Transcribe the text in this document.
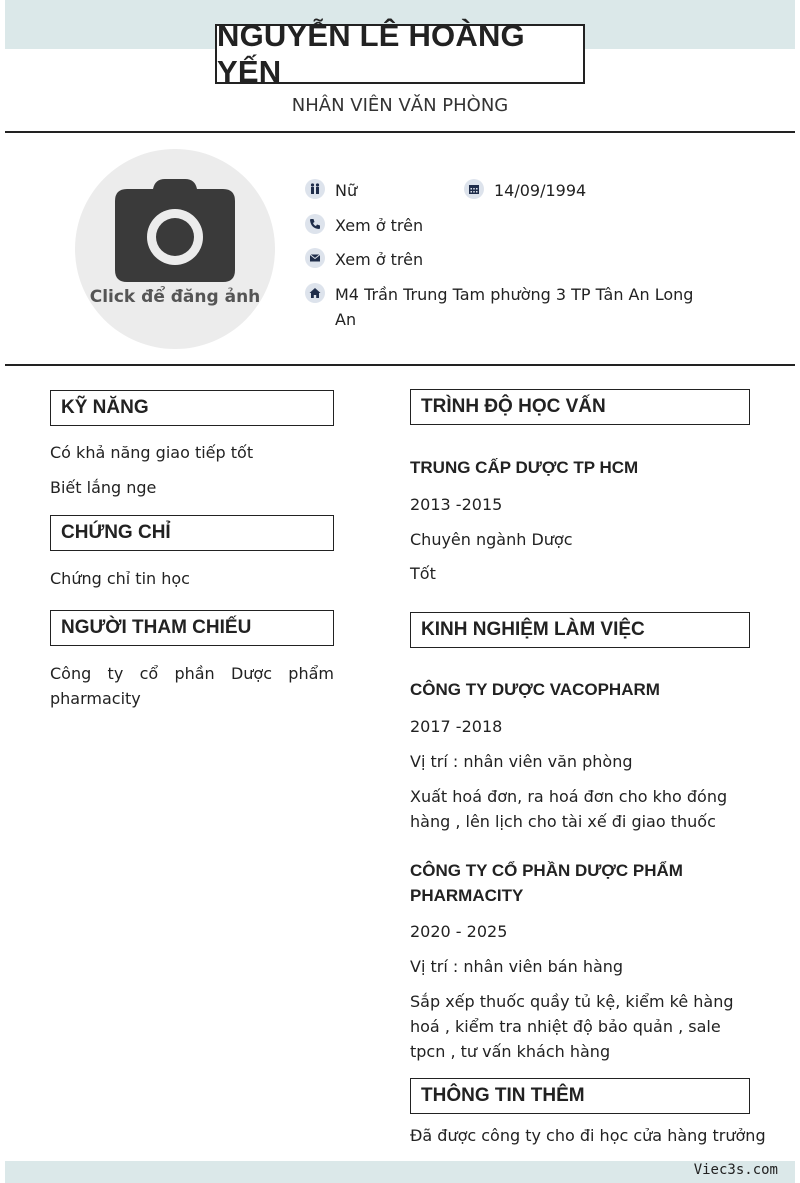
NGUYỄN LÊ HOÀNG YẾN
NHÂN VIÊN VĂN PHÒNG
Click để đăng ảnh
Nữ	14/09/1994
Xem ở trên
Xem ở trên
M4 Trần Trung Tam phường 3 TP Tân An Long An
KỸ NĂNG
Có khả năng giao tiếp tốt
Biết lắng nge
CHỨNG CHỈ
Chứng chỉ tin học
NGƯỜI THAM CHIẾU
Công ty cổ phần Dược phẩm pharmacity
TRÌNH ĐỘ HỌC VẤN
TRUNG CẤP DƯỢC TP HCM
2013 -2015
Chuyên ngành Dược
Tốt
KINH NGHIỆM LÀM VIỆC
CÔNG TY DƯỢC VACOPHARM
2017 -2018
Vị trí : nhân viên văn phòng
Xuất hoá đơn, ra hoá đơn cho kho đóng hàng , lên lịch cho tài xế đi giao thuốc
CÔNG TY CỔ PHẦN DƯỢC PHẨM PHARMACITY
2020 - 2025
Vị trí : nhân viên bán hàng
Sắp xếp thuốc quầy tủ kệ, kiểm kê hàng hoá , kiểm tra nhiệt độ bảo quản , sale tpcn , tư vấn khách hàng
THÔNG TIN THÊM
Đã được công ty cho đi học cửa hàng trưởng
Viec3s.com
